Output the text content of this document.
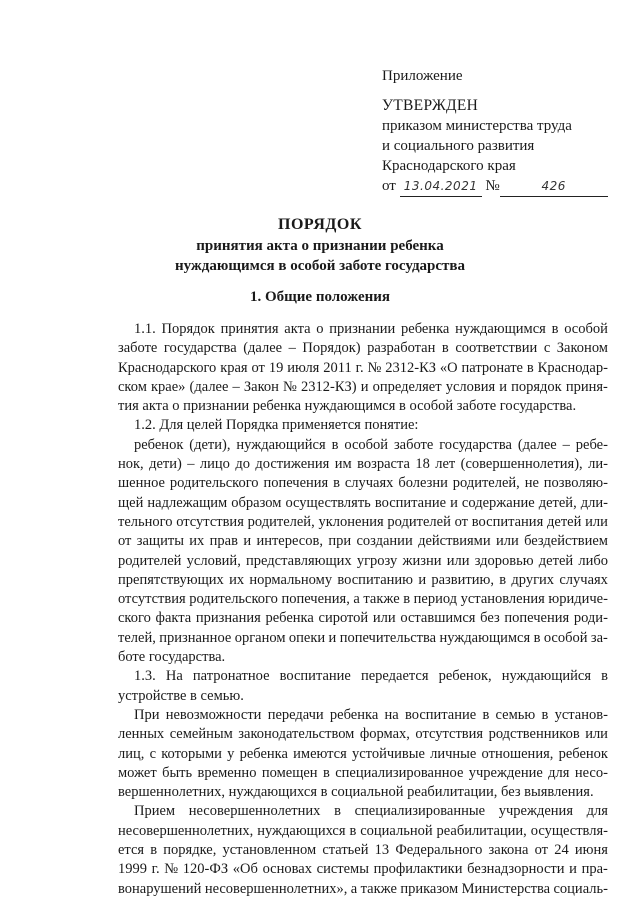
Приложение
УТВЕРЖДЕН
приказом министерства труда
и социального развития
Краснодарского края
от
13.04.2021
№	426
ПОРЯДОК
принятия акта о признании ребенка
нуждающимся в особой заботе государства
1. Общие положения
1.1. Порядок принятия акта о признании ребенка нуждающимся в особой
заботе государства (далее – Порядок) разработан в соответствии с Законом
Краснодарского края от 19 июля 2011 г. № 2312-КЗ «О патронате в Краснодар-
ском крае» (далее – Закон № 2312-КЗ) и определяет условия и порядок приня-
тия акта о признании ребенка нуждающимся в особой заботе государства.
1.2. Для целей Порядка применяется понятие:
ребенок (дети), нуждающийся в особой заботе государства (далее – ребе-
нок, дети) – лицо до достижения им возраста 18 лет (совершеннолетия), ли-
шенное родительского попечения в случаях болезни родителей, не позволяю-
щей надлежащим образом осуществлять воспитание и содержание детей, дли-
тельного отсутствия родителей, уклонения родителей от воспитания детей или
от защиты их прав и интересов, при создании действиями или бездействием
родителей условий, представляющих угрозу жизни или здоровью детей либо
препятствующих их нормальному воспитанию и развитию, в других случаях
отсутствия родительского попечения, а также в период установления юридиче-
ского факта признания ребенка сиротой или оставшимся без попечения роди-
телей, признанное органом опеки и попечительства нуждающимся в особой за-
боте государства.
1.3. На патронатное воспитание передается ребенок, нуждающийся в
устройстве в семью.
При невозможности передачи ребенка на воспитание в семью в установ-
ленных семейным законодательством формах, отсутствия родственников или
лиц, с которыми у ребенка имеются устойчивые личные отношения, ребенок
может быть временно помещен в специализированное учреждение для несо-
вершеннолетних, нуждающихся в социальной реабилитации, без выявления.
Прием несовершеннолетних в специализированные учреждения для
несовершеннолетних, нуждающихся в социальной реабилитации, осуществля-
ется в порядке, установленном статьей 13 Федерального закона от 24 июня
1999 г. № 120-ФЗ «Об основах системы профилактики безнадзорности и пра-
вонарушений несовершеннолетних», а также приказом Министерства социаль-
